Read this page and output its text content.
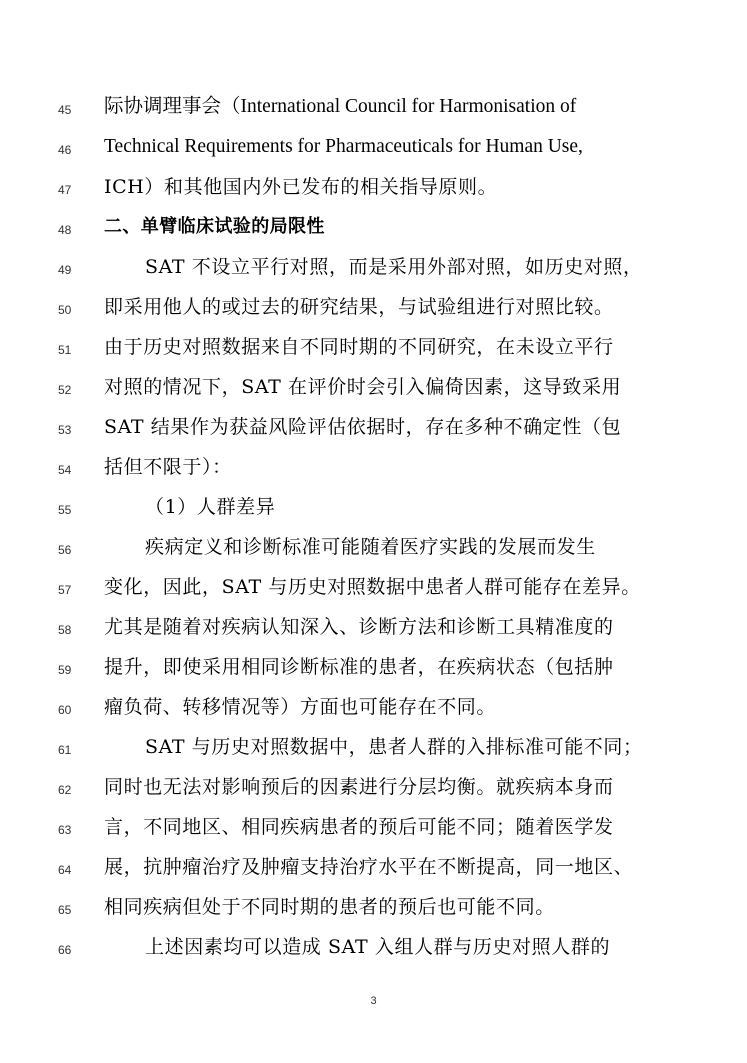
45	际协调理事会（International Council for Harmonisation of
46	Technical Requirements for Pharmaceuticals for Human Use,
47	ICH）和其他国内外已发布的相关指导原则。
48	二、单臂临床试验的局限性
49	SAT 不设立平行对照，而是采用外部对照，如历史对照，
50	即采用他人的或过去的研究结果，与试验组进行对照比较。
51	由于历史对照数据来自不同时期的不同研究，在未设立平行
52	对照的情况下，SAT 在评价时会引入偏倚因素，这导致采用
53	SAT 结果作为获益风险评估依据时，存在多种不确定性（包
54	括但不限于）：
55	（1）人群差异
56	疾病定义和诊断标准可能随着医疗实践的发展而发生
57	变化，因此，SAT 与历史对照数据中患者人群可能存在差异。
58	尤其是随着对疾病认知深入、诊断方法和诊断工具精准度的
59	提升，即使采用相同诊断标准的患者，在疾病状态（包括肿
60	瘤负荷、转移情况等）方面也可能存在不同。
61	SAT 与历史对照数据中，患者人群的入排标准可能不同；
62	同时也无法对影响预后的因素进行分层均衡。就疾病本身而
63	言，不同地区、相同疾病患者的预后可能不同；随着医学发
64	展，抗肿瘤治疗及肿瘤支持治疗水平在不断提高，同一地区、
65	相同疾病但处于不同时期的患者的预后也可能不同。
66	上述因素均可以造成 SAT 入组人群与历史对照人群的
3
